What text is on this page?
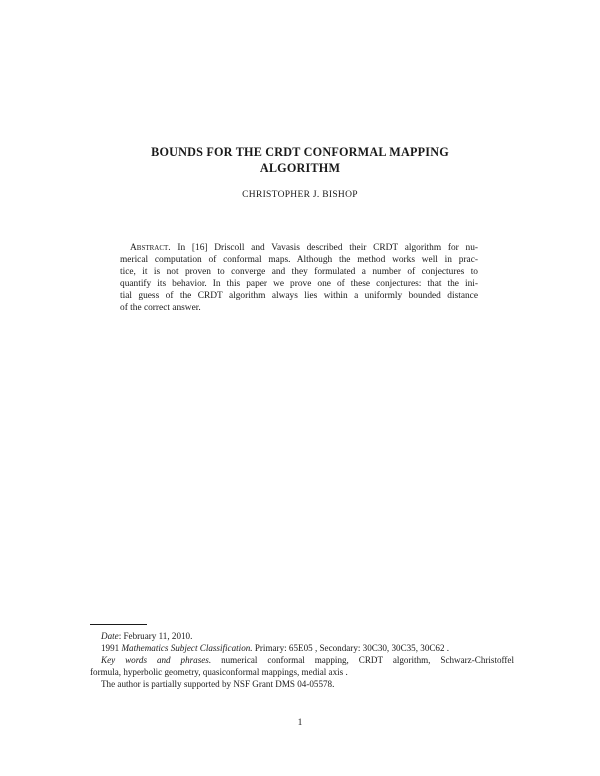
BOUNDS FOR THE CRDT CONFORMAL MAPPING
ALGORITHM
CHRISTOPHER J. BISHOP
Abstract. In [16] Driscoll and Vavasis described their CRDT algorithm for nu-
merical computation of conformal maps. Although the method works well in prac-
tice, it is not proven to converge and they formulated a number of conjectures to
quantify its behavior. In this paper we prove one of these conjectures: that the ini-
tial guess of the CRDT algorithm always lies within a uniformly bounded distance
of the correct answer.
Date: February 11, 2010.
1991 Mathematics Subject Classification. Primary: 65E05 , Secondary: 30C30, 30C35, 30C62 .
Key words and phrases. numerical conformal mapping, CRDT algorithm, Schwarz-Christoffel
formula, hyperbolic geometry, quasiconformal mappings, medial axis .
The author is partially supported by NSF Grant DMS 04-05578.
1
